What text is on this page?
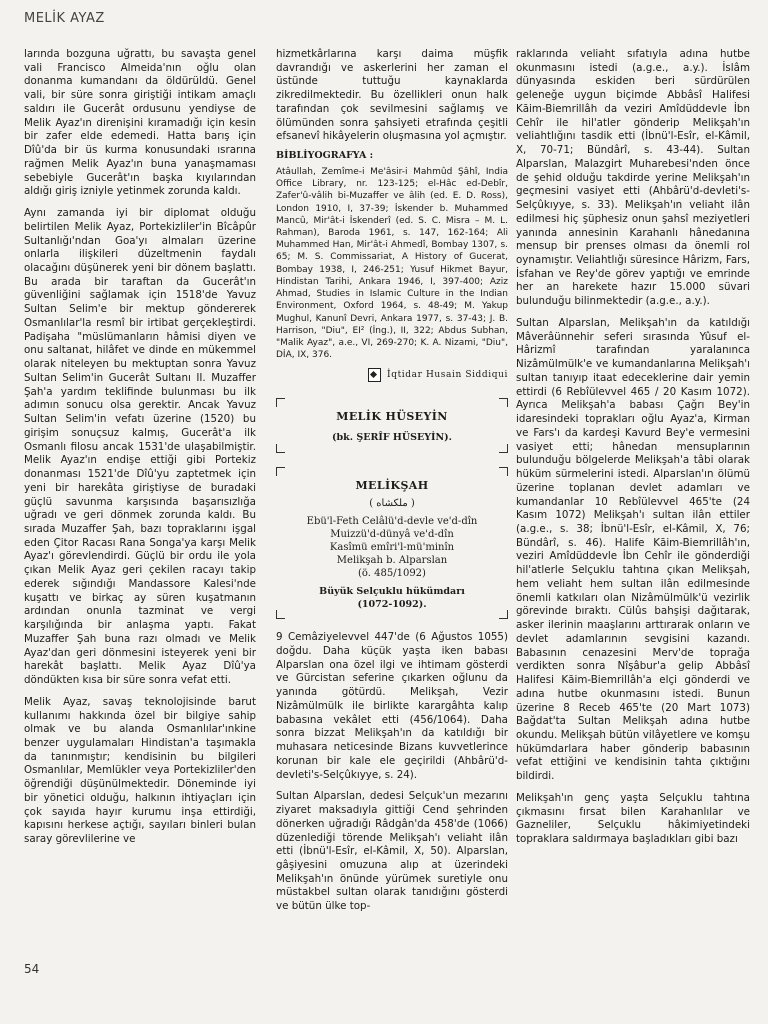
MELİK AYAZ

larında bozguna uğrattı, bu savaşta genel vali Francisco Almeida'nın oğlu olan donanma kumandanı da öldürüldü. Genel vali, bir süre sonra giriştiği intikam amaçlı saldırı ile Gucerât ordusunu yendiyse de Melik Ayaz'ın direnişini kıramadığı için kesin bir zafer elde edemedi. Hatta barış için Dîû'da bir üs kurma konusundaki ısrarına rağmen Melik Ayaz'ın buna yanaşmaması sebebiyle Gucerât'ın başka kıyılarından aldığı giriş izniyle yetinmek zorunda kaldı.

Aynı zamanda iyi bir diplomat olduğu belirtilen Melik Ayaz, Portekizliler'in Bîcâpûr Sultanlığı'ndan Goa'yı almaları üzerine onlarla ilişkileri düzeltmenin faydalı olacağını düşünerek yeni bir dönem başlattı. Bu arada bir taraftan da Gucerât'ın güvenliğini sağlamak için 1518'de Yavuz Sultan Selim'e bir mektup göndererek Osmanlılar'la resmî bir irtibat gerçekleştirdi. Padişaha "müslümanların hâmisi diyen ve onu saltanat, hilâfet ve dinde en mükemmel olarak niteleyen bu mektuptan sonra Yavuz Sultan Selim'in Gucerât Sultanı II. Muzaffer Şah'a yardım teklifinde bulunması bu ilk adımın sonucu olsa gerektir. Ancak Yavuz Sultan Selim'in vefatı üzerine (1520) bu girişim sonuçsuz kalmış, Gucerât'a ilk Osmanlı filosu ancak 1531'de ulaşabilmiştir. Melik Ayaz'ın endişe ettiği gibi Portekiz donanması 1521'de Dîû'yu zaptetmek için yeni bir harekâta giriştiyse de buradaki güçlü savunma karşısında başarısızlığa uğradı ve geri dönmek zorunda kaldı. Bu sırada Muzaffer Şah, bazı topraklarını işgal eden Çitor Racası Rana Songa'ya karşı Melik Ayaz'ı görevlendirdi. Güçlü bir ordu ile yola çıkan Melik Ayaz geri çekilen racayı takip ederek sığındığı Mandassore Kalesi'nde kuşattı ve birkaç ay süren kuşatmanın ardından onunla tazminat ve vergi karşılığında bir anlaşma yaptı. Fakat Muzaffer Şah buna razı olmadı ve Melik Ayaz'dan geri dönmesini isteyerek yeni bir harekât başlattı. Melik Ayaz Dîû'ya döndükten kısa bir süre sonra vefat etti.

Melik Ayaz, savaş teknolojisinde barut kullanımı hakkında özel bir bilgiye sahip olmak ve bu alanda Osmanlılar'ınkine benzer uygulamaları Hindistan'a taşımakla da tanınmıştır; kendisinin bu bilgileri Osmanlılar, Memlükler veya Portekizliler'den öğrendiği düşünülmektedir. Döneminde iyi bir yönetici olduğu, halkının ihtiyaçları için çok sayıda hayır kurumu inşa ettirdiği, kapısını herkese açtığı, sayıları binleri bulan saray görevlilerine ve

hizmetkârlarına karşı daima müşfik davrandığı ve askerlerini her zaman el üstünde tuttuğu kaynaklarda zikredilmektedir. Bu özellikleri onun halk tarafından çok sevilmesini sağlamış ve ölümünden sonra şahsiyeti etrafında çeşitli efsanevî hikâyelerin oluşmasına yol açmıştır.

BİBLİYOGRAFYA :
Atâullah, Zemîme-i Me'âsir-i Mahmûd Şâhî, India Office Library, nr. 123-125; el-Hâc ed-Debîr, Zafer'û-vâlih bi-Muzaffer ve âlih (ed. E. D. Ross), London 1910, I, 37-39; İskender b. Muhammed Mancû, Mir'ât-i İskenderî (ed. S. C. Misra – M. L. Rahman), Baroda 1961, s. 147, 162-164; Ali Muhammed Han, Mir'ât-i Ahmedî, Bombay 1307, s. 65; M. S. Commissariat, A History of Gucerat, Bombay 1938, I, 246-251; Yusuf Hikmet Bayur, Hindistan Tarihi, Ankara 1946, I, 397-400; Aziz Ahmad, Studies in Islamic Culture in the Indian Environment, Oxford 1964, s. 48-49; M. Yakup Mughul, Kanunî Devri, Ankara 1977, s. 37-43; J. B. Harrison, "Diu", EI² (İng.), II, 322; Abdus Subhan, "Malik Ayaz", a.e., VI, 269-270; K. A. Nizami, "Diu", DİA, IX, 376.
İqtidar Husain Siddiqui
MELİK HÜSEYİN
(bk. ŞERÎF HÜSEYİN).
MELİKŞAH
( ملكشاه )
Ebü'l-Feth Celâlü'd-devle ve'd-dîn
Muizzü'd-dünyâ ve'd-dîn
Kasîmü emîri'l-mü'minîn
Melikşah b. Alparslan
(ö. 485/1092)
Büyük Selçuklu hükümdarı
(1072-1092).

9 Cemâziyelevvel 447'de (6 Ağustos 1055) doğdu. Daha küçük yaşta iken babası Alparslan ona özel ilgi ve ihtimam gösterdi ve Gürcistan seferine çıkarken oğlunu da yanında götürdü. Melikşah, Vezir Nizâmülmülk ile birlikte karargâhta kalıp babasına vekâlet etti (456/1064). Daha sonra bizzat Melikşah'ın da katıldığı bir muhasara neticesinde Bizans kuvvetlerince korunan bir kale ele geçirildi (Ahbârü'd-devleti's-Selçûkıyye, s. 24).

Sultan Alparslan, dedesi Selçuk'un mezarını ziyaret maksadıyla gittiği Cend şehrinden dönerken uğradığı Râdgân'da 458'de (1066) düzenlediği törende Melikşah'ı veliaht ilân etti (İbnü'l-Esîr, el-Kâmil, X, 50). Alparslan, gâşiyesini omuzuna alıp at üzerindeki Melikşah'ın önünde yürümek suretiyle onu müstakbel sultan olarak tanıdığını gösterdi ve bütün ülke top-

raklarında veliaht sıfatıyla adına hutbe okunmasını istedi (a.g.e., a.y.). İslâm dünyasında eskiden beri sürdürülen geleneğe uygun biçimde Abbâsî Halifesi Kāim-Biemrillâh da veziri Amîdüddevle İbn Cehîr ile hil'atler gönderip Melikşah'ın veliahtlığını tasdik etti (İbnü'l-Esîr, el-Kâmil, X, 70-71; Bündârî, s. 43-44). Sultan Alparslan, Malazgirt Muharebesi'nden önce de şehid olduğu takdirde yerine Melikşah'ın geçmesini vasiyet etti (Ahbârü'd-devleti's-Selçûkıyye, s. 33). Melikşah'ın veliaht ilân edilmesi hiç şüphesiz onun şahsî meziyetleri yanında annesinin Karahanlı hânedanına mensup bir prenses olması da önemli rol oynamıştır. Veliahtlığı süresince Hârizm, Fars, İsfahan ve Rey'de görev yaptığı ve emrinde her an harekete hazır 15.000 süvari bulunduğu bilinmektedir (a.g.e., a.y.).

Sultan Alparslan, Melikşah'ın da katıldığı Mâverâünnehir seferi sırasında Yûsuf el-Hârizmî tarafından yaralanınca Nizâmülmülk'e ve kumandanlarına Melikşah'ı sultan tanıyıp itaat edeceklerine dair yemin ettirdi (6 Rebîülevvel 465 / 20 Kasım 1072). Ayrıca Melikşah'a babası Çağrı Bey'in idaresindeki toprakları oğlu Ayaz'a, Kirman ve Fars'ı da kardeşi Kavurd Bey'e vermesini vasiyet etti; hânedan mensuplarının bulunduğu bölgelerde Melikşah'a tâbi olarak hüküm sürmelerini istedi. Alparslan'ın ölümü üzerine toplanan devlet adamları ve kumandanlar 10 Rebîülevvel 465'te (24 Kasım 1072) Melikşah'ı sultan ilân ettiler (a.g.e., s. 38; İbnü'l-Esîr, el-Kâmil, X, 76; Bündârî, s. 46). Halife Kāim-Biemrillâh'ın, veziri Amîdüddevle İbn Cehîr ile gönderdiği hil'atlerle Selçuklu tahtına çıkan Melikşah, hem veliaht hem sultan ilân edilmesinde önemli katkıları olan Nizâmülmülk'ü vezirlik görevinde bıraktı. Cülûs bahşişi dağıtarak, asker ilerinin maaşlarını arttırarak onların ve devlet adamlarının sevgisini kazandı. Babasının cenazesini Merv'de toprağa verdikten sonra Nîşâbur'a gelip Abbâsî Halifesi Kāim-Biemrillâh'a elçi gönderdi ve adına hutbe okunmasını istedi. Bunun üzerine 8 Receb 465'te (20 Mart 1073) Bağdat'ta Sultan Melikşah adına hutbe okundu. Melikşah bütün vilâyetlere ve komşu hükümdarlara haber gönderip babasının vefat ettiğini ve kendisinin tahta çıktığını bildirdi.

Melikşah'ın genç yaşta Selçuklu tahtına çıkmasını fırsat bilen Karahanlılar ve Gazneliler, Selçuklu hâkimiyetindeki topraklara saldırmaya başladıkları gibi bazı

54
